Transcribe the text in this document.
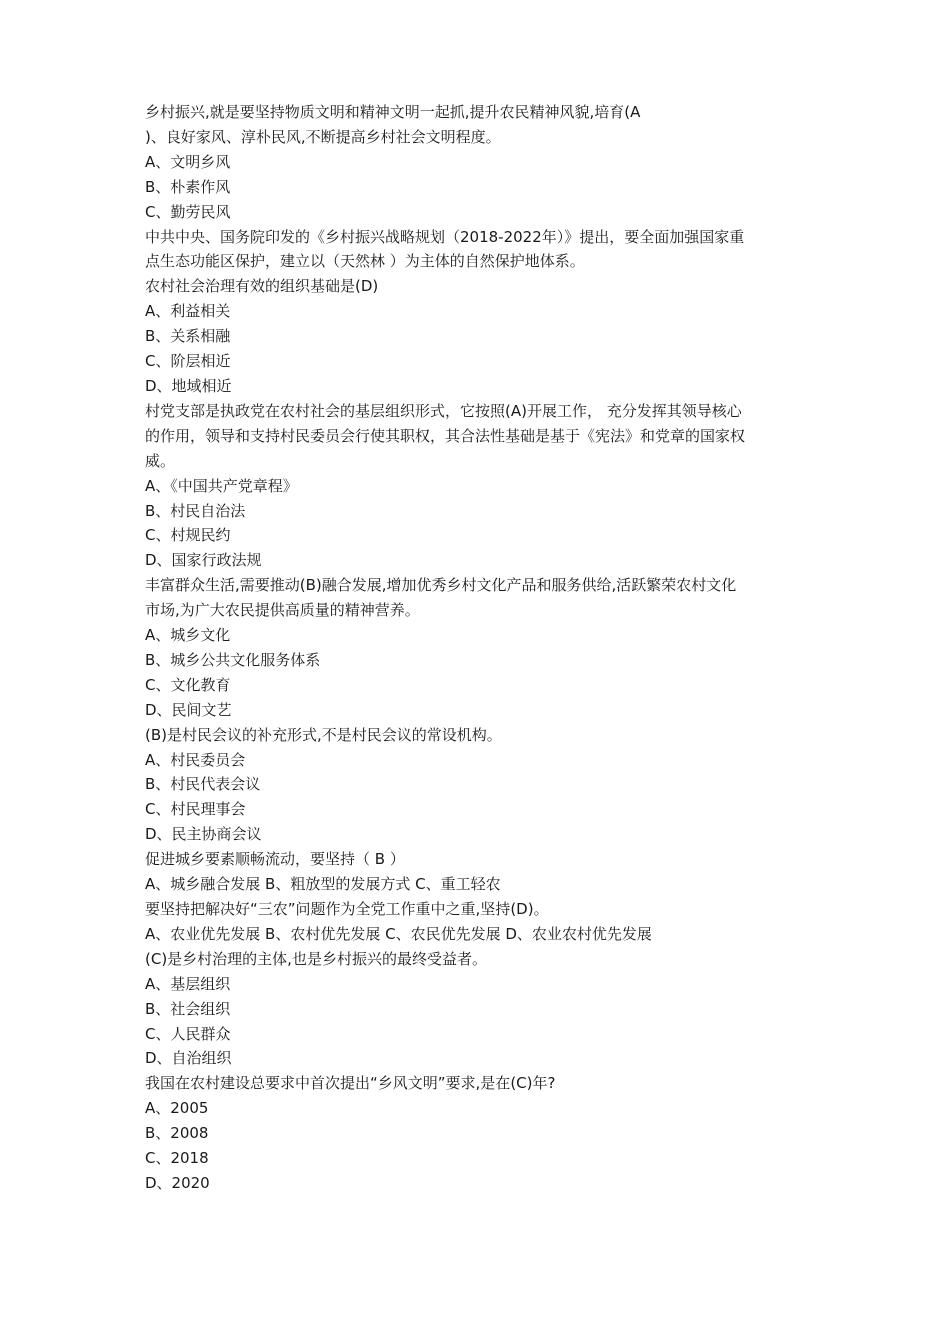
乡村振兴,就是要坚持物质文明和精神文明一起抓,提升农民精神风貌,培育(A
)、良好家风、淳朴民风,不断提高乡村社会文明程度。
A、文明乡风
B、朴素作风
C、勤劳民风
中共中央、国务院印发的《乡村振兴战略规划（2018-2022年）》提出，要全面加强国家重
点生态功能区保护，建立以（天然林 ）为主体的自然保护地体系。
农村社会治理有效的组织基础是(D)
A、利益相关
B、关系相融
C、阶层相近
D、地域相近
村党支部是执政党在农村社会的基层组织形式，它按照(A)开展工作， 充分发挥其领导核心
的作用，领导和支持村民委员会行使其职权，其合法性基础是基于《宪法》和党章的国家权
威。
A、《中国共产党章程》
B、村民自治法
C、村规民约
D、国家行政法规
丰富群众生活,需要推动(B)融合发展,增加优秀乡村文化产品和服务供给,活跃繁荣农村文化
市场,为广大农民提供高质量的精神营养。
A、城乡文化
B、城乡公共文化服务体系
C、文化教育
D、民间文艺
(B)是村民会议的补充形式,不是村民会议的常设机构。
A、村民委员会
B、村民代表会议
C、村民理事会
D、民主协商会议
促进城乡要素顺畅流动，要坚持（ B ）
A、城乡融合发展 B、粗放型的发展方式 C、重工轻农
要坚持把解决好“三农”问题作为全党工作重中之重,坚持(D)。
A、农业优先发展 B、农村优先发展 C、农民优先发展 D、农业农村优先发展
(C)是乡村治理的主体,也是乡村振兴的最终受益者。
A、基层组织
B、社会组织
C、人民群众
D、自治组织
我国在农村建设总要求中首次提出“乡风文明”要求,是在(C)年?
A、2005
B、2008
C、2018
D、2020
